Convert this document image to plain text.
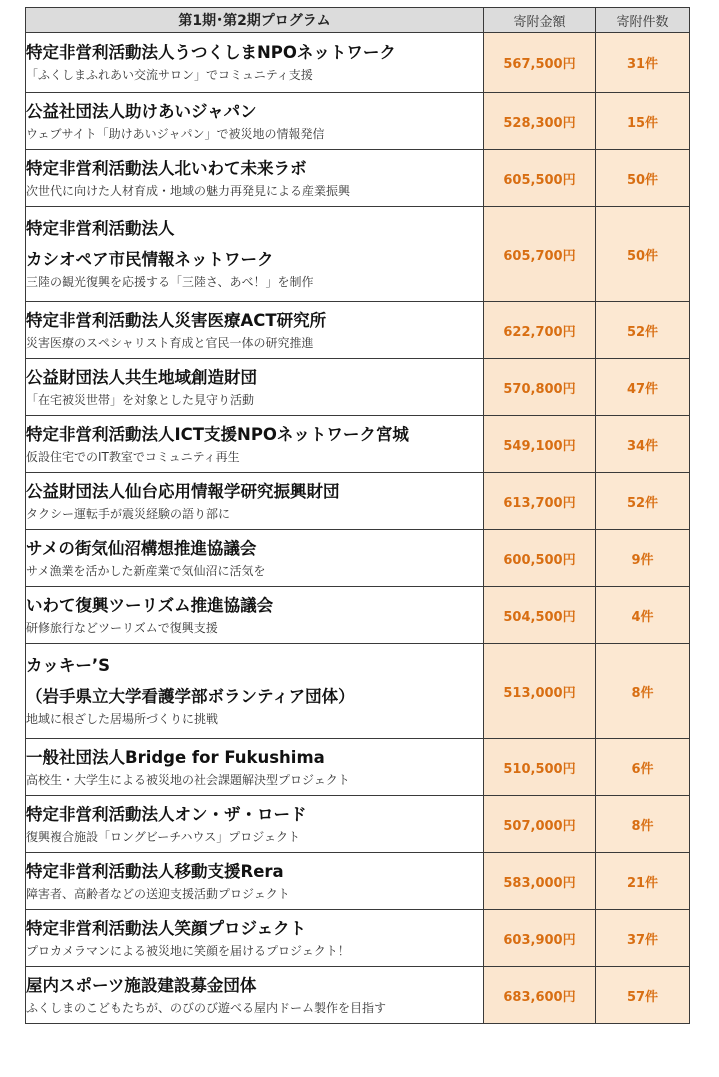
第1期･第2期プログラム	寄附金額	寄附件数

特定非営利活動法人うつくしまNPOネットワーク
「ふくしまふれあい交流サロン」でコミュニティ支援	567,500円	31件

公益社団法人助けあいジャパン
ウェブサイト「助けあいジャパン」で被災地の情報発信	528,300円	15件

特定非営利活動法人北いわて未来ラボ
次世代に向けた人材育成・地域の魅力再発見による産業振興	605,500円	50件

特定非営利活動法人
カシオペア市民情報ネットワーク
三陸の観光復興を応援する「三陸さ、あべ！」を制作	605,700円	50件

特定非営利活動法人災害医療ACT研究所
災害医療のスペシャリスト育成と官民一体の研究推進	622,700円	52件

公益財団法人共生地域創造財団
「在宅被災世帯」を対象とした見守り活動	570,800円	47件

特定非営利活動法人ICT支援NPOネットワーク宮城
仮設住宅でのIT教室でコミュニティ再生	549,100円	34件

公益財団法人仙台応用情報学研究振興財団
タクシー運転手が震災経験の語り部に	613,700円	52件

サメの街気仙沼構想推進協議会
サメ漁業を活かした新産業で気仙沼に活気を	600,500円	9件

いわて復興ツーリズム推進協議会
研修旅行などツーリズムで復興支援	504,500円	4件

カッキー’S
（岩手県立大学看護学部ボランティア団体）
地域に根ざした居場所づくりに挑戦	513,000円	8件

一般社団法人Bridge for Fukushima
高校生・大学生による被災地の社会課題解決型プロジェクト	510,500円	6件

特定非営利活動法人オン・ザ・ロード
復興複合施設「ロングビーチハウス」プロジェクト	507,000円	8件

特定非営利活動法人移動支援Rera
障害者、高齢者などの送迎支援活動プロジェクト	583,000円	21件

特定非営利活動法人笑顔プロジェクト
プロカメラマンによる被災地に笑顔を届けるプロジェクト！	603,900円	37件

屋内スポーツ施設建設募金団体
ふくしまのこどもたちが、のびのび遊べる屋内ドーム製作を目指す	683,600円	57件
